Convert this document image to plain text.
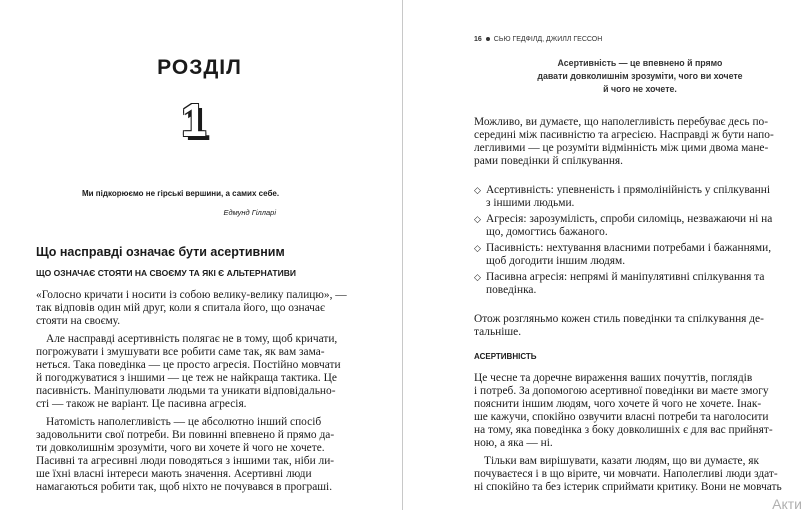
РОЗДІЛ
1
Ми підкорюємо не гірські вершини, а самих себе.
Едмунд Гілларі
Що насправді означає бути асертивним
ЩО ОЗНАЧАЄ СТОЯТИ НА СВОЄМУ ТА ЯКІ Є АЛЬТЕРНАТИВИ
«Голосно кричати і носити із собою велику-велику палицю», —
так відповів один мій друг, коли я спитала його, що означає
стояти на своєму.
Але насправді асертивність полягає не в тому, щоб кричати,
погрожувати і змушувати все робити саме так, як вам зама-
неться. Така поведінка — це просто агресія. Постійно мовчати
й погоджуватися з іншими — це теж не найкраща тактика. Це
пасивність. Маніпулювати людьми та уникати відповідально-
сті — також не варіант. Це пасивна агресія.
Натомість наполегливість — це абсолютно інший спосіб
задовольнити свої потреби. Ви повинні впевнено й прямо да-
ти довколишнім зрозуміти, чого ви хочете й чого не хочете.
Пасивні та агресивні люди поводяться з іншими так, ніби ли-
ше їхні власні інтереси мають значення. Асертивні люди
намагаються робити так, щоб ніхто не почувався в програші.
16 СЬЮ ГЕДФІЛД, ДЖИЛЛ ГЕССОН
Асертивність — це впевнено й прямо
давати довколишнім зрозуміти, чого ви хочете
й чого не хочете.
Можливо, ви думаєте, що наполегливість перебуває десь по-
середині між пасивністю та агресією. Насправді ж бути напо-
легливими — це розуміти відмінність між цими двома мане-
рами поведінки й спілкування.
◇ Асертивність: упевненість і прямолінійність у спілкуванні
з іншими людьми.
◇ Агресія: зарозумілість, спроби силоміць, незважаючи ні на
що, домогтись бажаного.
◇ Пасивність: нехтування власними потребами і бажаннями,
щоб догодити іншим людям.
◇ Пасивна агресія: непрямі й маніпулятивні спілкування та
поведінка.
Отож розгляньмо кожен стиль поведінки та спілкування де-
тальніше.
АСЕРТИВНІСТЬ
Це чесне та доречне вираження ваших почуттів, поглядів
і потреб. За допомогою асертивної поведінки ви маєте змогу
пояснити іншим людям, чого хочете й чого не хочете. Інак-
ше кажучи, спокійно озвучити власні потреби та наголосити
на тому, яка поведінка з боку довколишніх є для вас прийнят-
ною, а яка — ні.
Тільки вам вирішувати, казати людям, що ви думаєте, як
почуваєтеся і в що вірите, чи мовчати. Наполегливі люди здат-
ні спокійно та без істерик сприймати критику. Вони не мовчать
Акти
